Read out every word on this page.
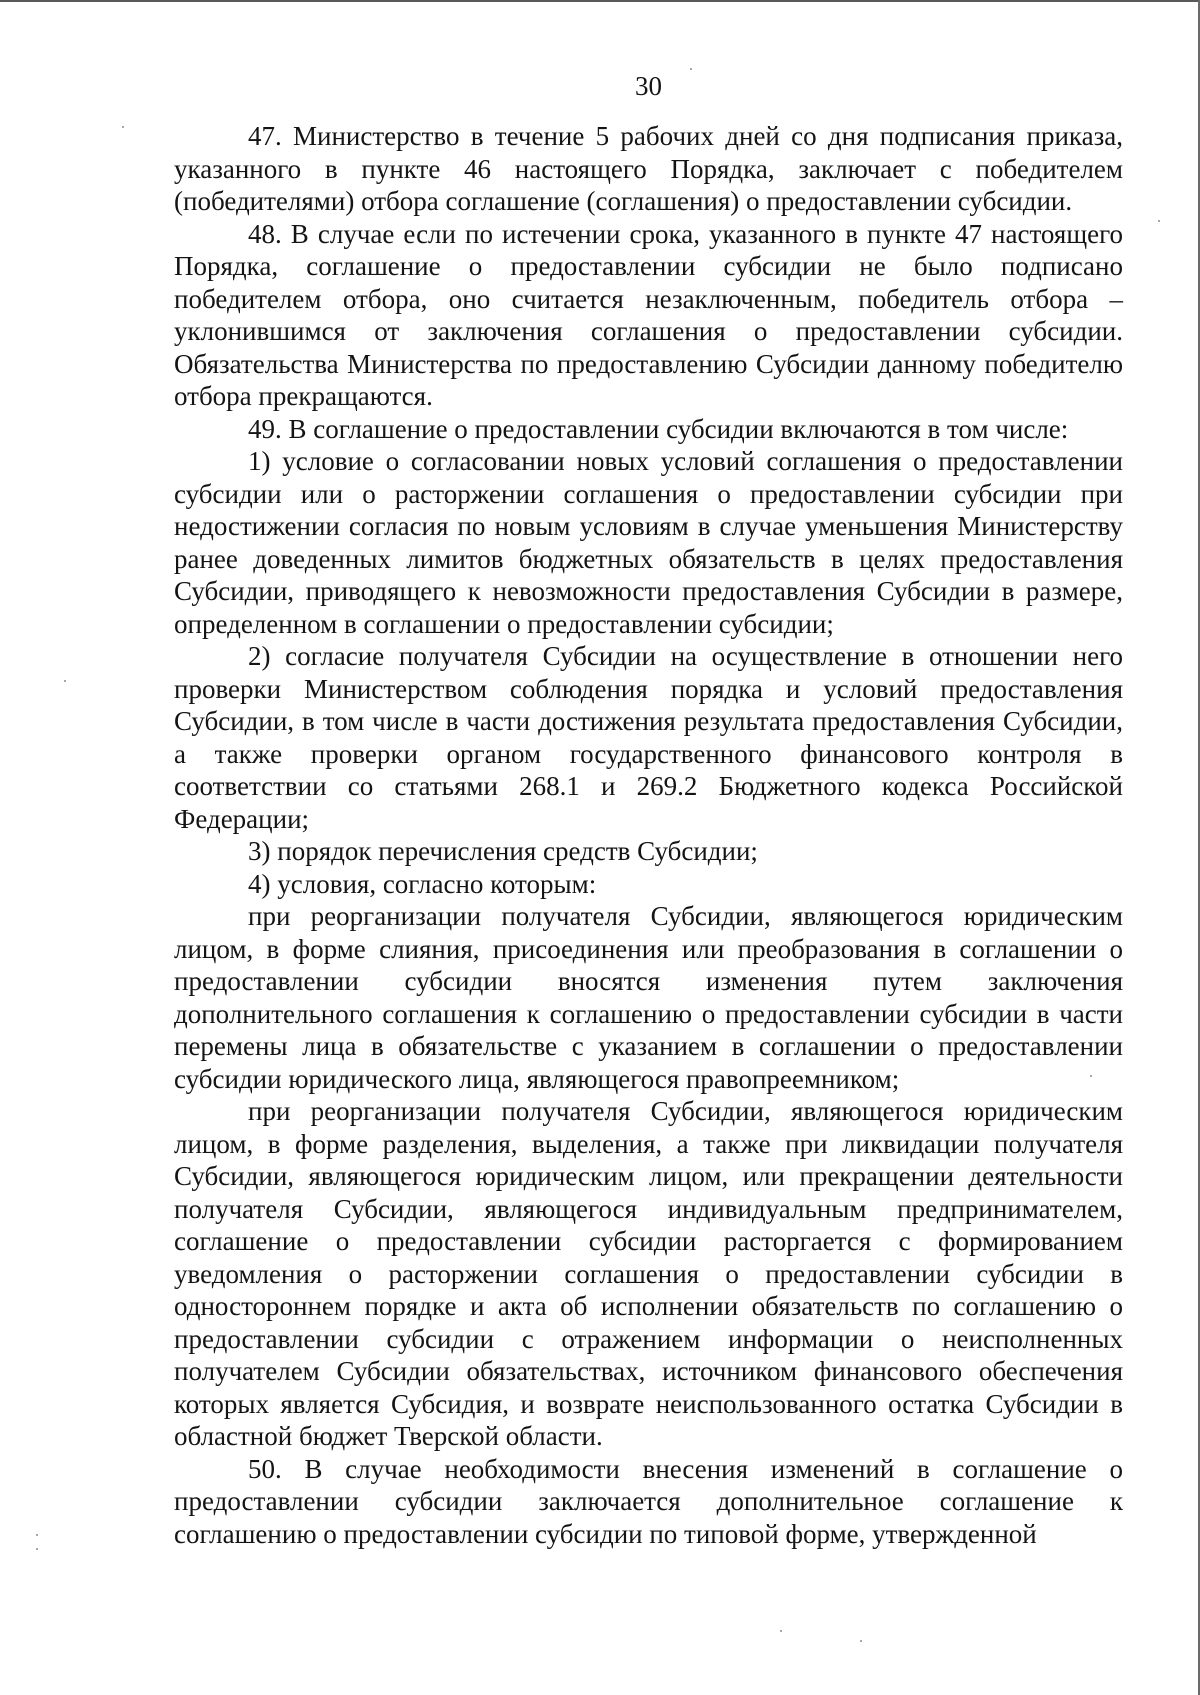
30

47. Министерство в течение 5 рабочих дней со дня подписания приказа, указанного в пункте 46 настоящего Порядка, заключает с победителем (победителями) отбора соглашение (соглашения) о предоставлении субсидии.

48. В случае если по истечении срока, указанного в пункте 47 настоящего Порядка, соглашение о предоставлении субсидии не было подписано победителем отбора, оно считается незаключенным, победитель отбора – уклонившимся от заключения соглашения о предоставлении субсидии. Обязательства Министерства по предоставлению Субсидии данному победителю отбора прекращаются.

49. В соглашение о предоставлении субсидии включаются в том числе:

1) условие о согласовании новых условий соглашения о предоставлении субсидии или о расторжении соглашения о предоставлении субсидии при недостижении согласия по новым условиям в случае уменьшения Министерству ранее доведенных лимитов бюджетных обязательств в целях предоставления Субсидии, приводящего к невозможности предоставления Субсидии в размере, определенном в соглашении о предоставлении субсидии;

2) согласие получателя Субсидии на осуществление в отношении него проверки Министерством соблюдения порядка и условий предоставления Субсидии, в том числе в части достижения результата предоставления Субсидии, а также проверки органом государственного финансового контроля в соответствии со статьями 268.1 и 269.2 Бюджетного кодекса Российской Федерации;

3) порядок перечисления средств Субсидии;

4) условия, согласно которым:

при реорганизации получателя Субсидии, являющегося юридическим лицом, в форме слияния, присоединения или преобразования в соглашении о предоставлении субсидии вносятся изменения путем заключения дополнительного соглашения к соглашению о предоставлении субсидии в части перемены лица в обязательстве с указанием в соглашении о предоставлении субсидии юридического лица, являющегося правопреемником;

при реорганизации получателя Субсидии, являющегося юридическим лицом, в форме разделения, выделения, а также при ликвидации получателя Субсидии, являющегося юридическим лицом, или прекращении деятельности получателя Субсидии, являющегося индивидуальным предпринимателем, соглашение о предоставлении субсидии расторгается с формированием уведомления о расторжении соглашения о предоставлении субсидии в одностороннем порядке и акта об исполнении обязательств по соглашению о предоставлении субсидии с отражением информации о неисполненных получателем Субсидии обязательствах, источником финансового обеспечения которых является Субсидия, и возврате неиспользованного остатка Субсидии в областной бюджет Тверской области.

50. В случае необходимости внесения изменений в соглашение о предоставлении субсидии заключается дополнительное соглашение к соглашению о предоставлении субсидии по типовой форме, утвержденной
